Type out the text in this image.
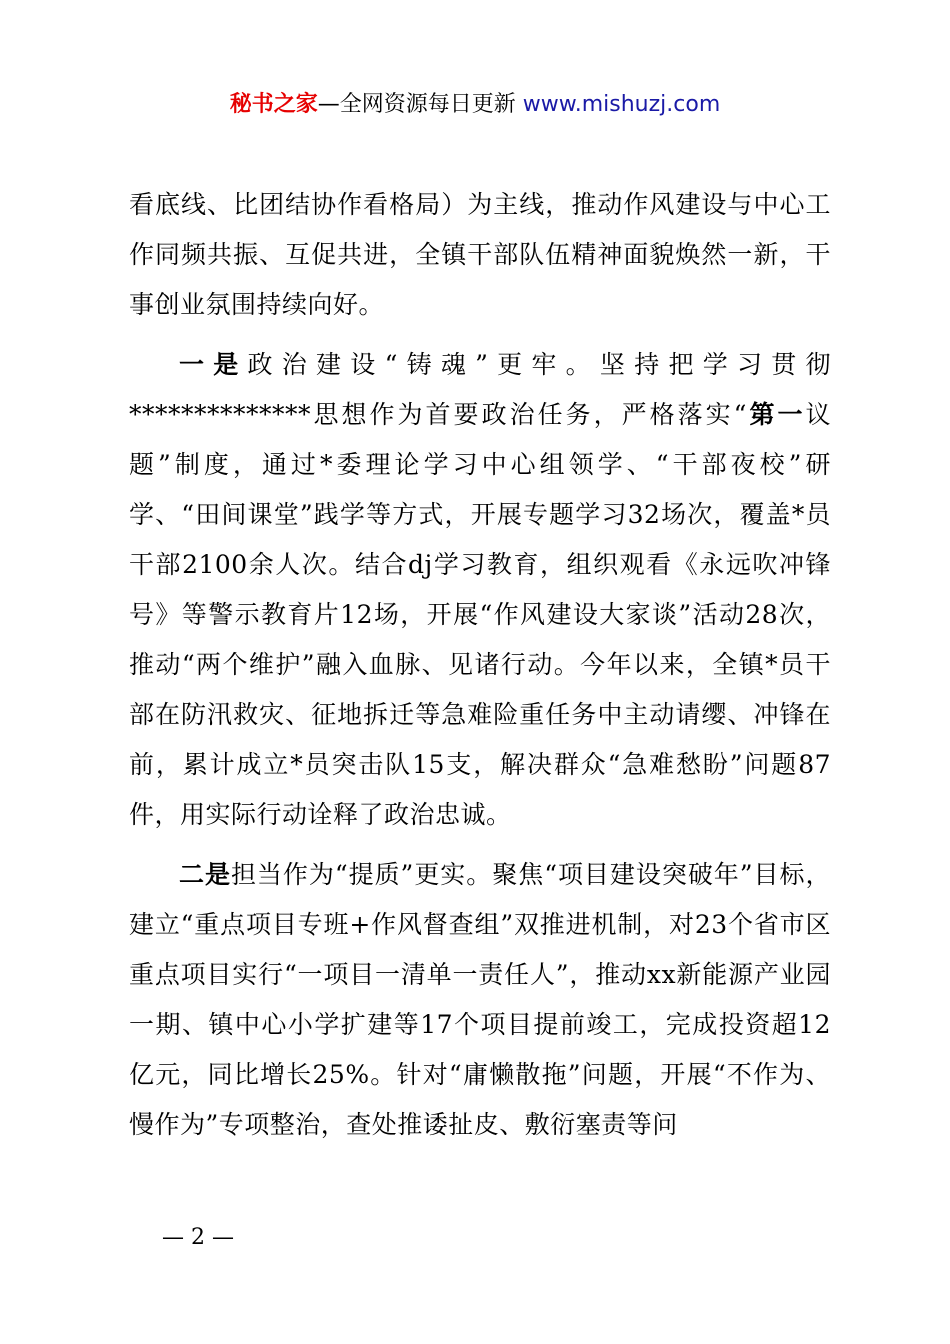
秘书之家—全网资源每日更新 www.mishuzj.com

看底线、比团结协作看格局）为主线，推动作风建设与中心工作同频共振、互促共进，全镇干部队伍精神面貌焕然一新，干事创业氛围持续向好。

一是政治建设“铸魂”更牢。坚持把学习贯彻**************思想作为首要政治任务，严格落实“第一议题”制度，通过*委理论学习中心组领学、“干部夜校”研学、“田间课堂”践学等方式，开展专题学习32场次，覆盖*员干部2100余人次。结合dj学习教育，组织观看《永远吹冲锋号》等警示教育片12场，开展“作风建设大家谈”活动28次，推动“两个维护”融入血脉、见诸行动。今年以来，全镇*员干部在防汛救灾、征地拆迁等急难险重任务中主动请缨、冲锋在前，累计成立*员突击队15支，解决群众“急难愁盼”问题87件，用实际行动诠释了政治忠诚。

二是担当作为“提质”更实。聚焦“项目建设突破年”目标，建立“重点项目专班+作风督查组”双推进机制，对23个省市区重点项目实行“一项目一清单一责任人”，推动xx新能源产业园一期、镇中心小学扩建等17个项目提前竣工，完成投资超12亿元，同比增长25%。针对“庸懒散拖”问题，开展“不作为、慢作为”专项整治，查处推诿扯皮、敷衍塞责等问

— 2 —
